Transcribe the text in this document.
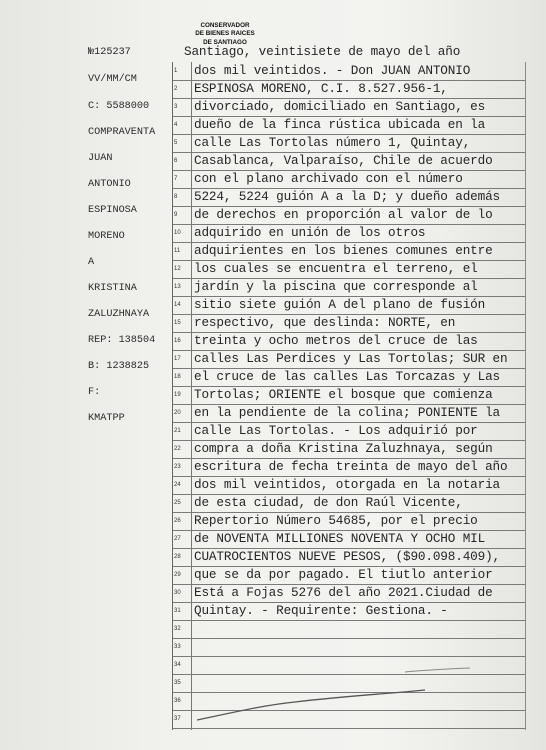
CONSERVADOR
DE BIENES RAICES
DE SANTIAGO
№125237
VV/MM/CM
C: 5588000
COMPRAVENTA
JUAN
ANTONIO
ESPINOSA
MORENO
A
KRISTINA
ZALUZHNAYA
REP: 138504
B: 1238825
F:
KMATPP
Santiago, veintisiete de mayo del año
1
2
3
4
5
6
7
8
9
10
11
12
13
14
15
16
17
18
19
20
21
22
23
24
25
26
27
28
29
30
31
32
33
34
35
36
37
dos mil veintidos. - Don JUAN ANTONIO
ESPINOSA MORENO, C.I. 8.527.956-1,
divorciado, domiciliado en Santiago, es
dueño de la finca rústica ubicada en la
calle Las Tortolas número 1, Quintay,
Casablanca, Valparaíso, Chile de acuerdo
con el plano archivado con el número
5224, 5224 guión A a la D; y dueño además
de derechos en proporción al valor de lo
adquirido en unión de los otros
adquirientes en los bienes comunes entre
los cuales se encuentra el terreno, el
jardín y la piscina que corresponde al
sitio siete guión A del plano de fusión
respectivo, que deslinda: NORTE, en
treinta y ocho metros del cruce de las
calles Las Perdices y Las Tortolas; SUR en
el cruce de las calles Las Torcazas y Las
Tortolas; ORIENTE el bosque que comienza
en la pendiente de la colina; PONIENTE la
calle Las Tortolas. - Los adquirió por
compra a doña Kristina Zaluzhnaya, según
escritura de fecha treinta de mayo del año
dos mil veintidos, otorgada en la notaria
de esta ciudad, de don Raúl Vicente,
Repertorio Número 54685, por el precio
de NOVENTA MILLIONES NOVENTA Y OCHO MIL
CUATROCIENTOS NUEVE PESOS, ($90.098.409),
que se da por pagado. El tiutlo anterior
Está a Fojas 5276 del año 2021.Ciudad de
Quintay. - Requirente: Gestiona. -
